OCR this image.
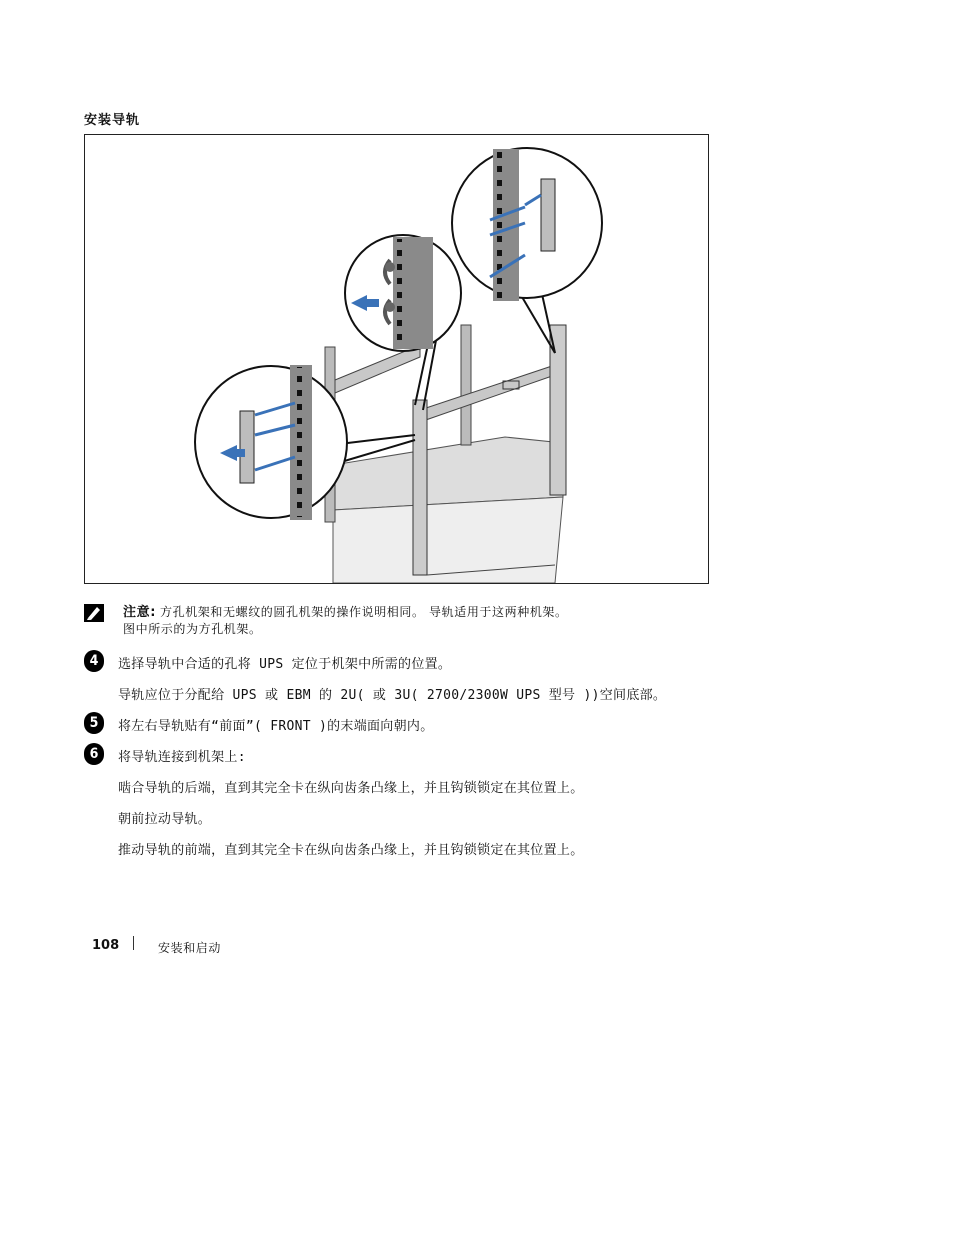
安装导轨
注意: 方孔机架和无螺纹的圆孔机架的操作说明相同。 导轨适用于这两种机架。
图中所示的为方孔机架。
4	选择导轨中合适的孔将 UPS 定位于机架中所需的位置。
导轨应位于分配给 UPS 或 EBM 的 2U( 或 3U( 2700/2300W UPS 型号 ))空间底部。
5	将左右导轨贴有“前面”( FRONT )的末端面向朝内。
6	将导轨连接到机架上:
啮合导轨的后端，直到其完全卡在纵向齿条凸缘上，并且钩锁锁定在其位置上。
朝前拉动导轨。
推动导轨的前端，直到其完全卡在纵向齿条凸缘上，并且钩锁锁定在其位置上。
108	安装和启动
